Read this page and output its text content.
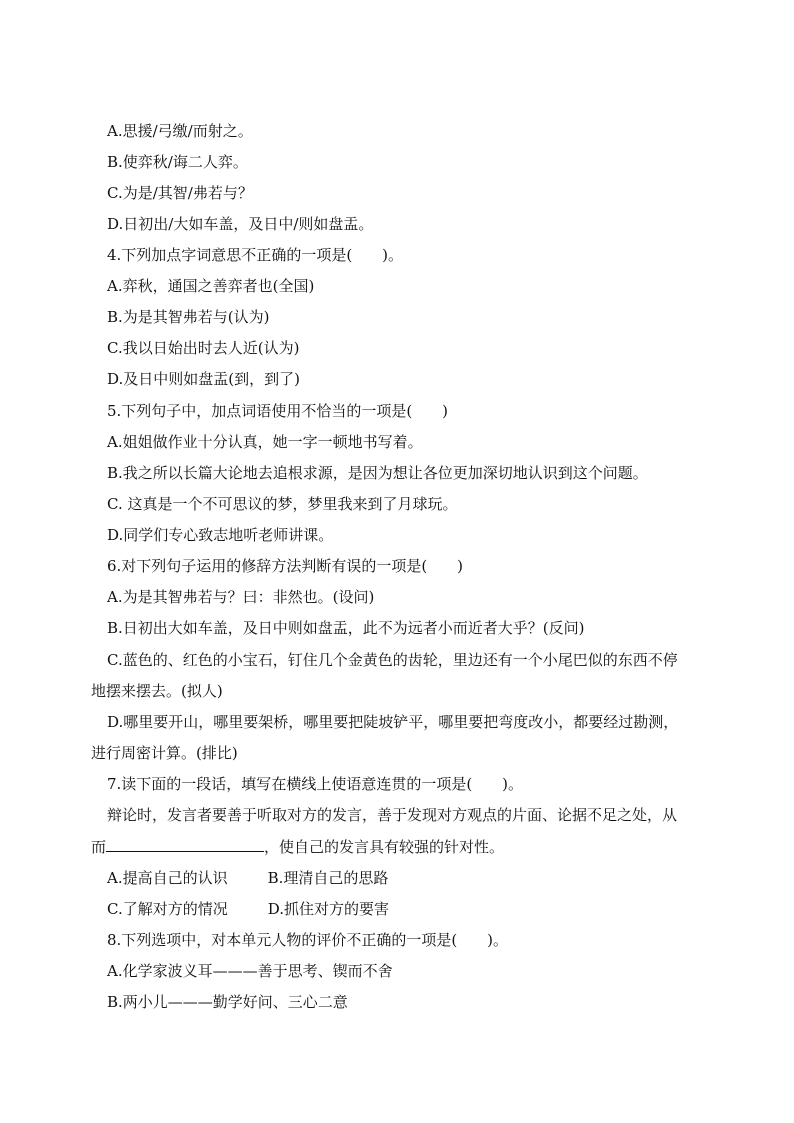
A.思援/弓缴/而射之。
B.使弈秋/诲二人弈。
C.为是/其智/弗若与？
D.日初出/大如车盖，及日中/则如盘盂。
4.下列加点字词意思不正确的一项是(　　)。
A.弈秋，通国之善弈者也(全国)
B.为是其智弗若与(认为)
C.我以日始出时去人近(认为)
D.及日中则如盘盂(到，到了)
5.下列句子中，加点词语使用不恰当的一项是(　　)
A.姐姐做作业十分认真，她一字一顿地书写着。
B.我之所以长篇大论地去追根求源，是因为想让各位更加深切地认识到这个问题。
C. 这真是一个不可思议的梦，梦里我来到了月球玩。
D.同学们专心致志地听老师讲课。
6.对下列句子运用的修辞方法判断有误的一项是(　　)
A.为是其智弗若与？曰：非然也。(设问)
B.日初出大如车盖，及日中则如盘盂，此不为远者小而近者大乎？(反问)
C.蓝色的、红色的小宝石，钉住几个金黄色的齿轮，里边还有一个小尾巴似的东西不停
地摆来摆去。(拟人)
D.哪里要开山，哪里要架桥，哪里要把陡坡铲平，哪里要把弯度改小，都要经过勘测，
进行周密计算。(排比)
7.读下面的一段话，填写在横线上使语意连贯的一项是(　　)。
辩论时，发言者要善于听取对方的发言，善于发现对方观点的片面、论据不足之处，从
而	，使自己的发言具有较强的针对性。
A.提高自己的认识	B.理清自己的思路
C.了解对方的情况	D.抓住对方的要害
8.下列选项中，对本单元人物的评价不正确的一项是(　　)。
A.化学家波义耳———善于思考、锲而不舍
B.两小儿———勤学好问、三心二意
